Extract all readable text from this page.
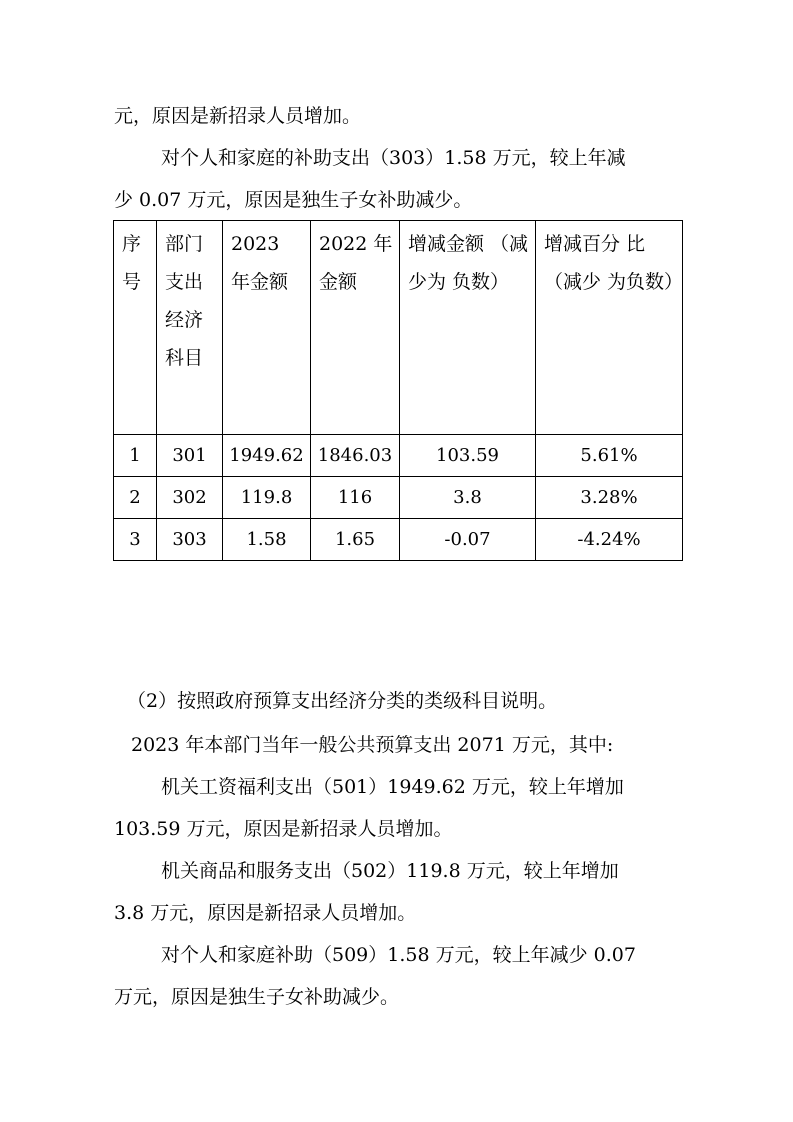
元，原因是新招录人员增加。
对个人和家庭的补助支出（303）1.58 万元，较上年减
少 0.07 万元，原因是独生子女补助减少。
序号	部门支出经济科目	2023 年金额	2022 年金额	增减金额 （减少为 负数）	增减百分 比（减少 为负数）
1	301	1949.62	1846.03	103.59	5.61%
2	302	119.8	116	3.8	3.28%
3	303	1.58	1.65	-0.07	-4.24%
（2）按照政府预算支出经济分类的类级科目说明。
2023 年本部门当年一般公共预算支出 2071 万元，其中:
机关工资福利支出（501）1949.62 万元，较上年增加
103.59 万元，原因是新招录人员增加。
机关商品和服务支出（502）119.8 万元，较上年增加
3.8 万元，原因是新招录人员增加。
对个人和家庭补助（509）1.58 万元，较上年减少 0.07
万元，原因是独生子女补助减少。
